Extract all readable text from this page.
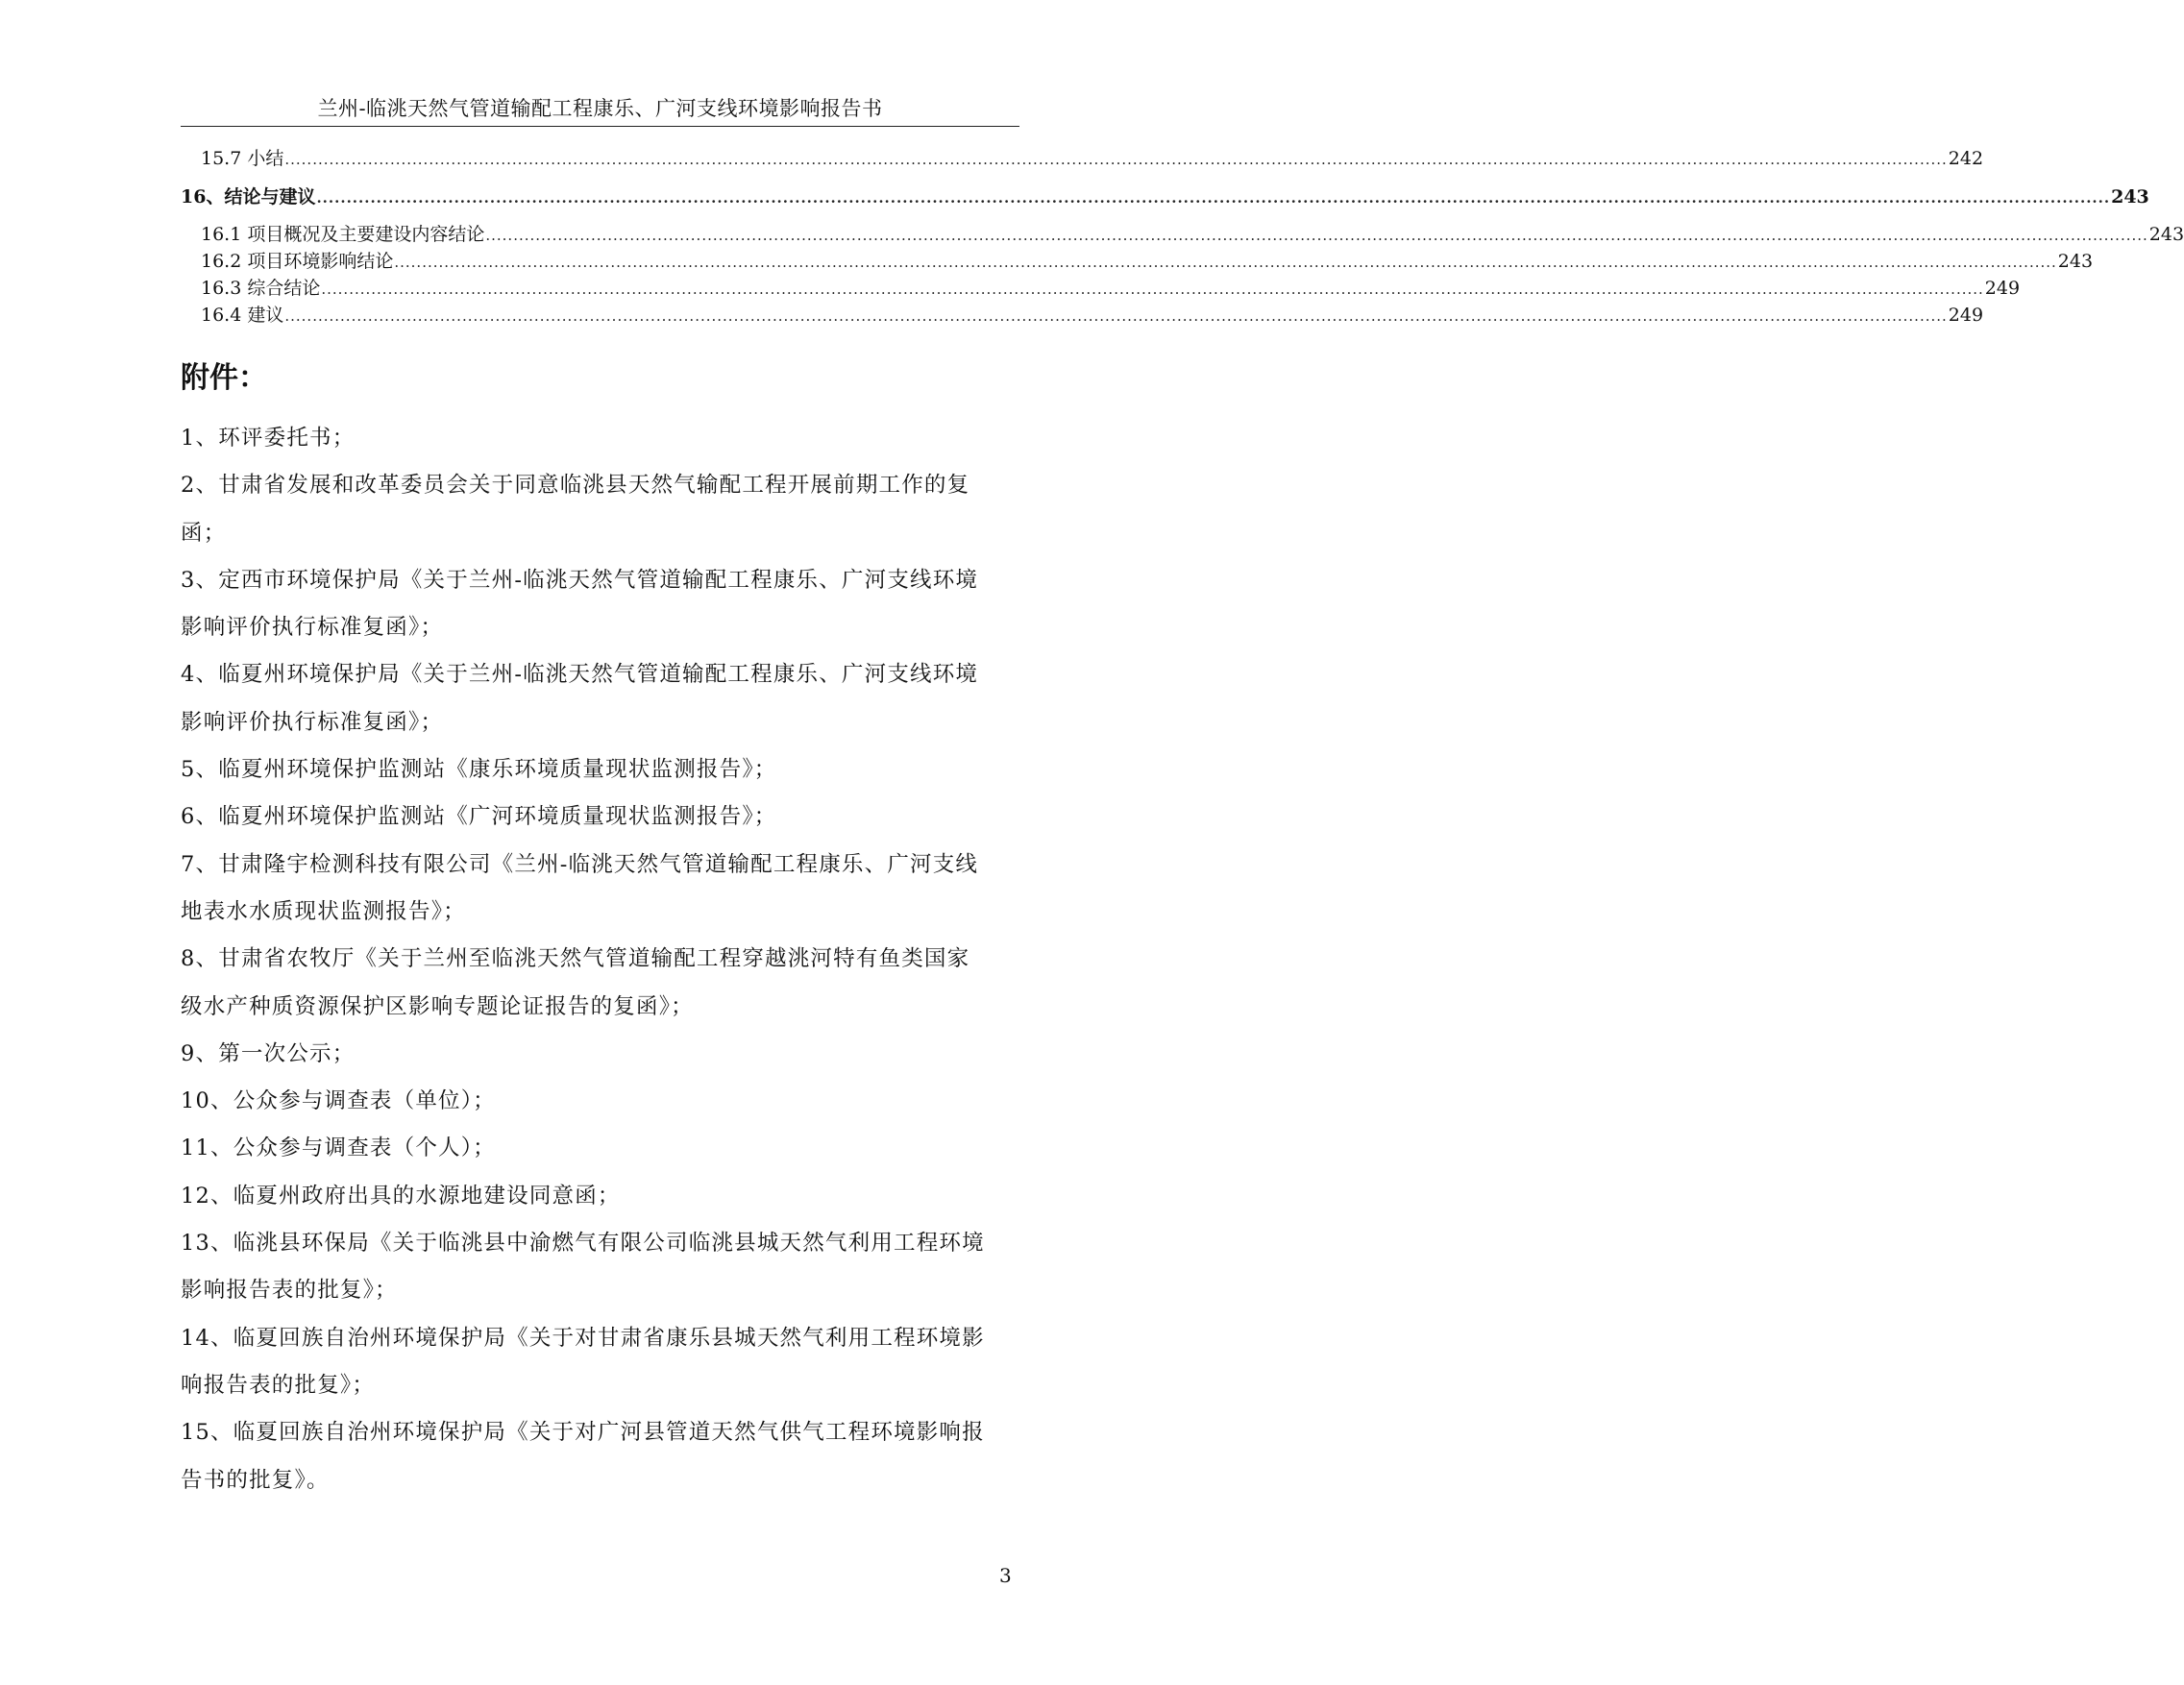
兰州-临洮天然气管道输配工程康乐、广河支线环境影响报告书
15.7 小结 ............................................................................................................................................................................................................................................................................................................ 242
16、结论与建议 ............................................................................................................................................................................................................................................................................................................ 243
16.1 项目概况及主要建设内容结论 ............................................................................................................................................................................................................................................................................................................ 243
16.2 项目环境影响结论 ............................................................................................................................................................................................................................................................................................................ 243
16.3 综合结论 ............................................................................................................................................................................................................................................................................................................ 249
16.4 建议 ............................................................................................................................................................................................................................................................................................................ 249
附件：
1、环评委托书；
2、甘肃省发展和改革委员会关于同意临洮县天然气输配工程开展前期工作的复
函；
3、定西市环境保护局《关于兰州-临洮天然气管道输配工程康乐、广河支线环境
影响评价执行标准复函》；
4、临夏州环境保护局《关于兰州-临洮天然气管道输配工程康乐、广河支线环境
影响评价执行标准复函》；
5、临夏州环境保护监测站《康乐环境质量现状监测报告》；
6、临夏州环境保护监测站《广河环境质量现状监测报告》；
7、甘肃隆宇检测科技有限公司《兰州-临洮天然气管道输配工程康乐、广河支线
地表水水质现状监测报告》；
8、甘肃省农牧厅《关于兰州至临洮天然气管道输配工程穿越洮河特有鱼类国家
级水产种质资源保护区影响专题论证报告的复函》；
9、第一次公示；
10、公众参与调查表（单位）；
11、公众参与调查表（个人）；
12、临夏州政府出具的水源地建设同意函；
13、临洮县环保局《关于临洮县中渝燃气有限公司临洮县城天然气利用工程环境
影响报告表的批复》；
14、临夏回族自治州环境保护局《关于对甘肃省康乐县城天然气利用工程环境影
响报告表的批复》；
15、临夏回族自治州环境保护局《关于对广河县管道天然气供气工程环境影响报
告书的批复》。
3
